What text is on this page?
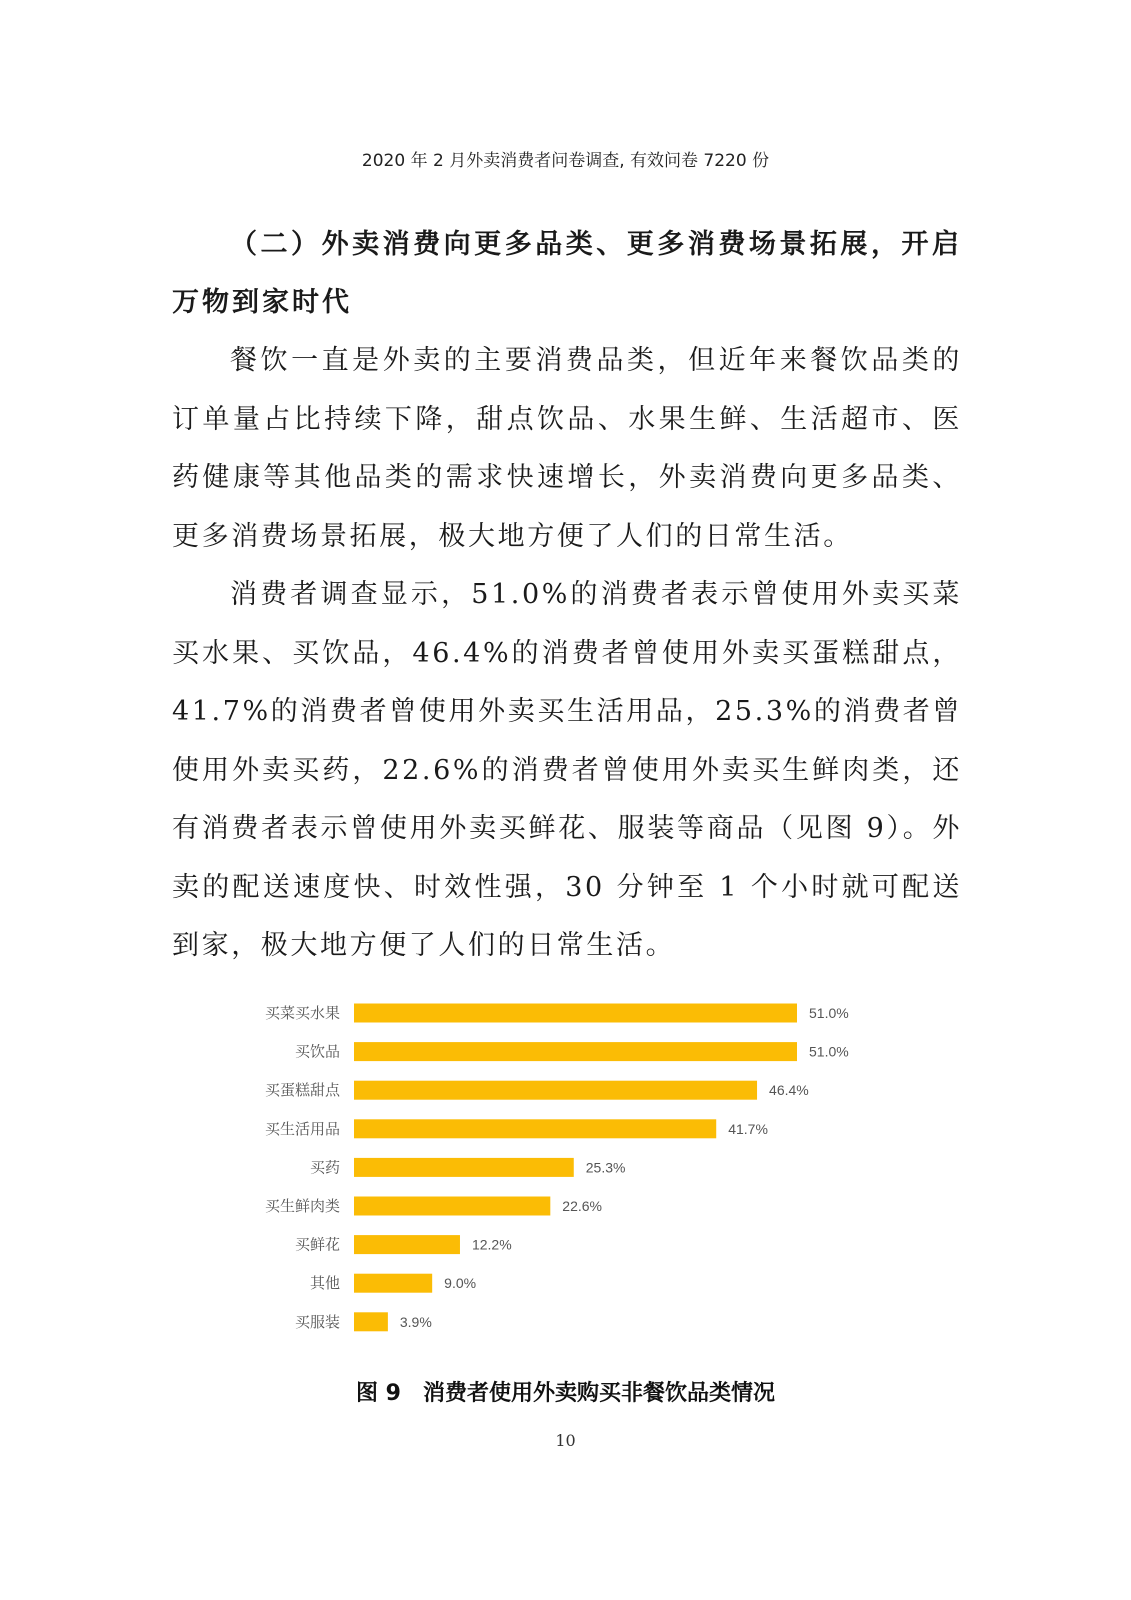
2020 年 2 月外卖消费者问卷调查, 有效问卷 7220 份

（二）外卖消费向更多品类、更多消费场景拓展，开启万物到家时代

餐饮一直是外卖的主要消费品类，但近年来餐饮品类的订单量占比持续下降，甜点饮品、水果生鲜、生活超市、医药健康等其他品类的需求快速增长，外卖消费向更多品类、更多消费场景拓展，极大地方便了人们的日常生活。

消费者调查显示，51.0%的消费者表示曾使用外卖买菜买水果、买饮品，46.4%的消费者曾使用外卖买蛋糕甜点，41.7%的消费者曾使用外卖买生活用品，25.3%的消费者曾使用外卖买药，22.6%的消费者曾使用外卖买生鲜肉类，还有消费者表示曾使用外卖买鲜花、服装等商品（见图 9）。外卖的配送速度快、时效性强，30 分钟至 1 个小时就可配送到家，极大地方便了人们的日常生活。

买菜买水果	51.0%
买饮品	51.0%
买蛋糕甜点	46.4%
买生活用品	41.7%
买药	25.3%
买生鲜肉类	22.6%
买鲜花	12.2%
其他	9.0%
买服装	3.9%
图 9 消费者使用外卖购买非餐饮品类情况
10
